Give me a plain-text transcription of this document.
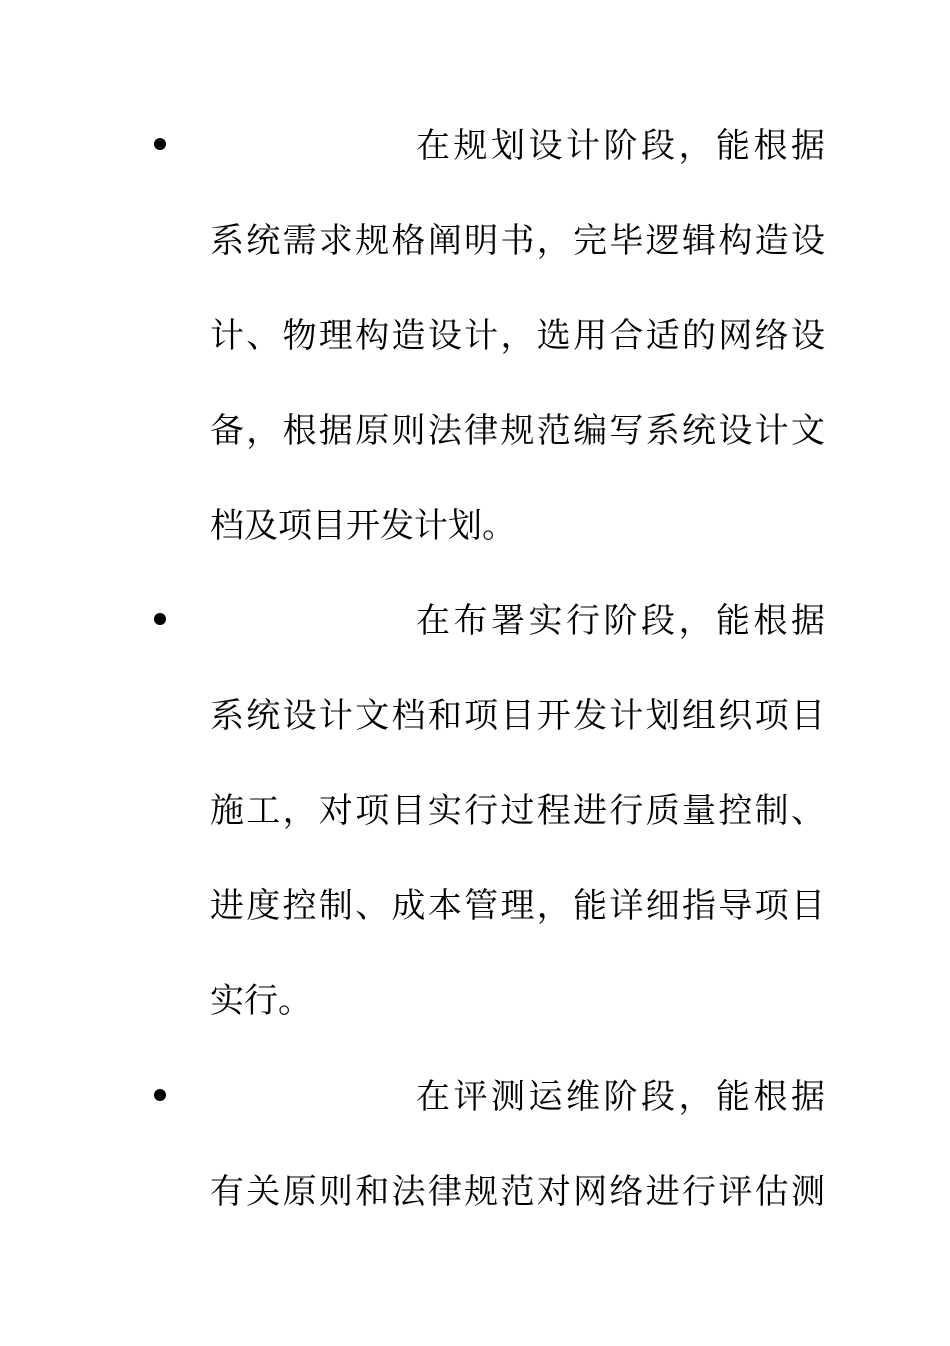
在规划设计阶段，能根据
系统需求规格阐明书，完毕逻辑构造设
计、物理构造设计，选用合适的网络设
备，根据原则法律规范编写系统设计文
档及项目开发计划。
在布署实行阶段，能根据
系统设计文档和项目开发计划组织项目
施工，对项目实行过程进行质量控制、
进度控制、成本管理，能详细指导项目
实行。
在评测运维阶段，能根据
有关原则和法律规范对网络进行评估测
